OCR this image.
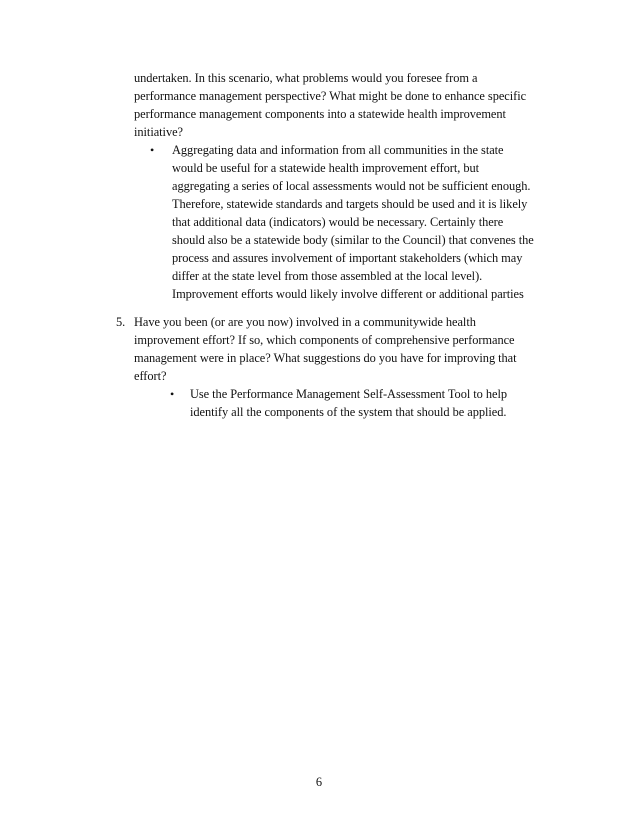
undertaken. In this scenario, what problems would you foresee from a
performance management perspective? What might be done to enhance specific
performance management components into a statewide health improvement
initiative?
• Aggregating data and information from all communities in the state
would be useful for a statewide health improvement effort, but
aggregating a series of local assessments would not be sufficient enough.
Therefore, statewide standards and targets should be used and it is likely
that additional data (indicators) would be necessary. Certainly there
should also be a statewide body (similar to the Council) that convenes the
process and assures involvement of important stakeholders (which may
differ at the state level from those assembled at the local level).
Improvement efforts would likely involve different or additional parties
5. Have you been (or are you now) involved in a communitywide health
improvement effort? If so, which components of comprehensive performance
management were in place? What suggestions do you have for improving that
effort?
• Use the Performance Management Self-Assessment Tool to help
identify all the components of the system that should be applied.
6
